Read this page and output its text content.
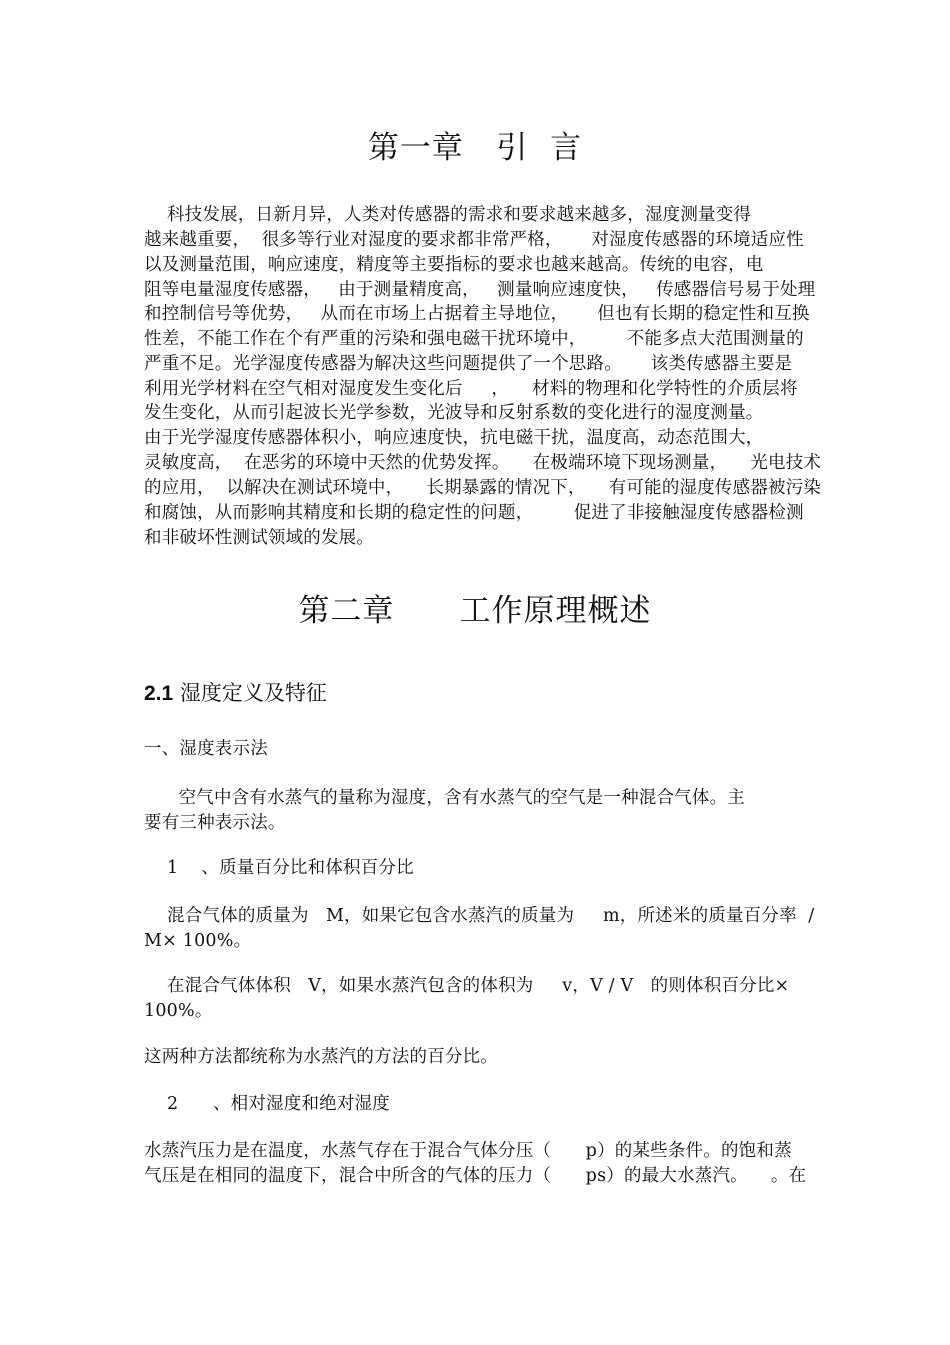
第一章   引  言
科技发展，日新月异，人类对传感器的需求和要求越来越多，湿度测量变得
越来越重要，  很多等行业对湿度的要求都非常严格，     对湿度传感器的环境适应性
以及测量范围，响应速度，精度等主要指标的要求也越来越高。传统的电容，电
阻等电量湿度传感器，   由于测量精度高，   测量响应速度快，   传感器信号易于处理
和控制信号等优势，   从而在市场上占据着主导地位，     但也有长期的稳定性和互换
性差，不能工作在个有严重的污染和强电磁干扰环境中，       不能多点大范围测量的
严重不足。光学湿度传感器为解决这些问题提供了一个思路。     该类传感器主要是
利用光学材料在空气相对湿度发生变化后     ，    材料的物理和化学特性的介质层将
发生变化，从而引起波长光学参数，光波导和反射系数的变化进行的湿度测量。
由于光学湿度传感器体积小，响应速度快，抗电磁干扰，温度高，动态范围大，
灵敏度高，  在恶劣的环境中天然的优势发挥。    在极端环境下现场测量，    光电技术
的应用，  以解决在测试环境中，    长期暴露的情况下，    有可能的湿度传感器被污染
和腐蚀，从而影响其精度和长期的稳定性的问题，       促进了非接触湿度传感器检测
和非破坏性测试领域的发展。
第二章      工作原理概述
2.1 湿度定义及特征
一、湿度表示法
空气中含有水蒸气的量称为湿度，含有水蒸气的空气是一种混合气体。主
要有三种表示法。
1    、质量百分比和体积百分比
混合气体的质量为   M，如果它包含水蒸汽的质量为     m，所述米的质量百分率  /
M× 100%。
在混合气体体积   V，如果水蒸汽包含的体积为     v，V / V   的则体积百分比×
100%。
这两种方法都统称为水蒸汽的方法的百分比。
2      、相对湿度和绝对湿度
水蒸汽压力是在温度，水蒸气存在于混合气体分压（      p）的某些条件。的饱和蒸
气压是在相同的温度下，混合中所含的气体的压力（      ps）的最大水蒸汽。    。在
